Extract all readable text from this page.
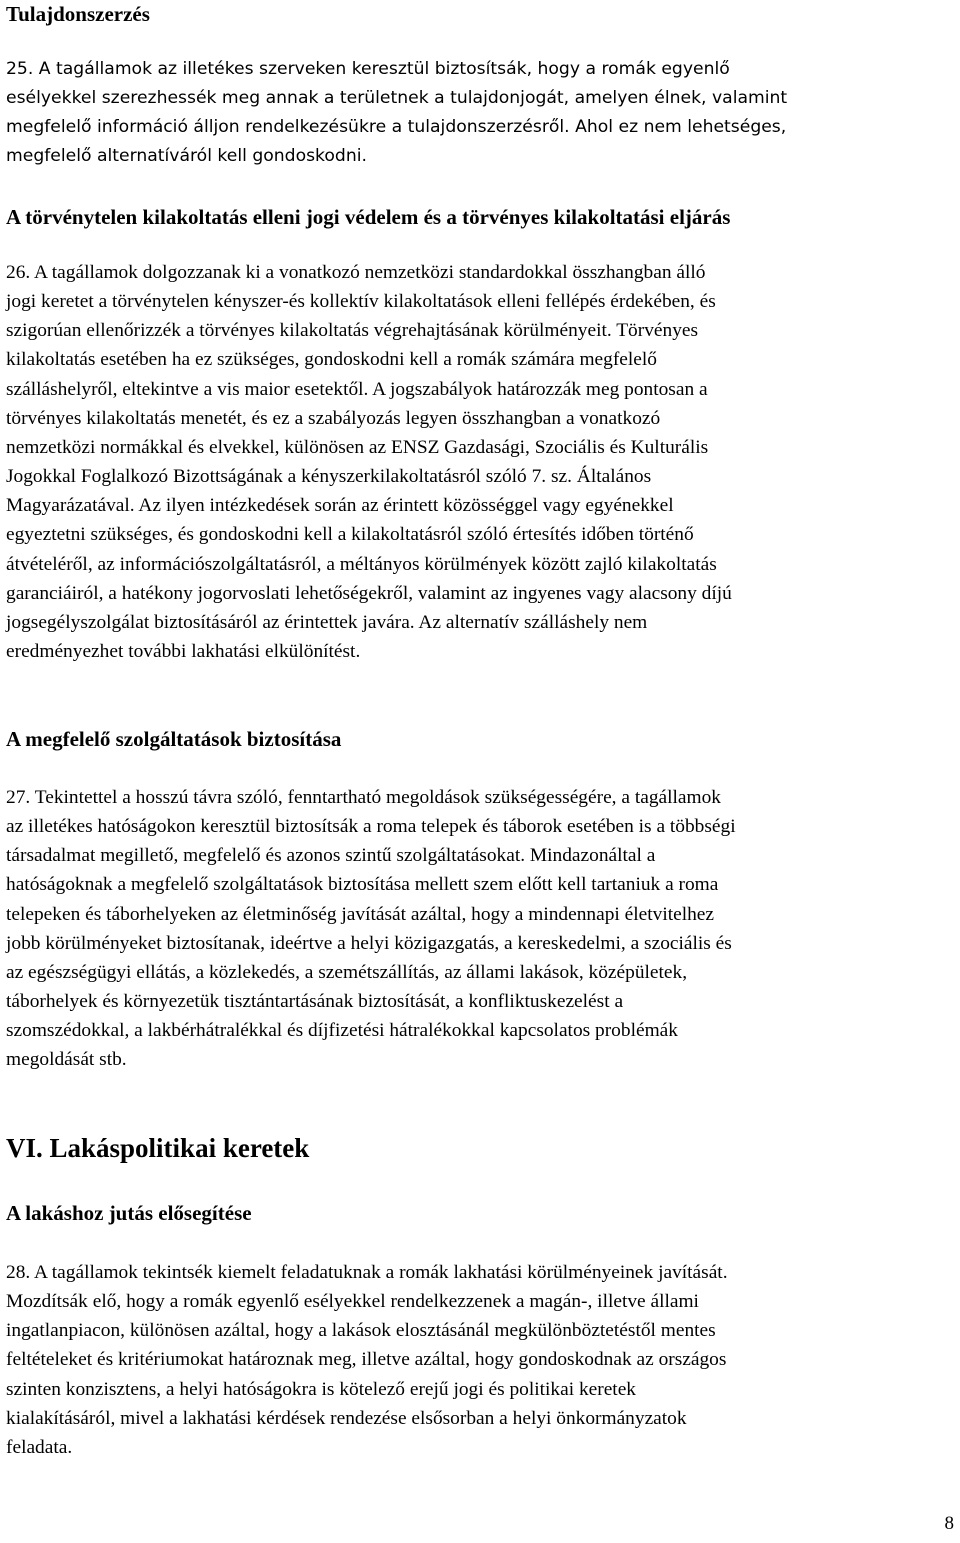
Tulajdonszerzés
25. A tagállamok az illetékes szerveken keresztül biztosítsák, hogy a romák egyenlő
esélyekkel szerezhessék meg annak a területnek a tulajdonjogát, amelyen élnek, valamint
megfelelő információ álljon rendelkezésükre a tulajdonszerzésről. Ahol ez nem lehetséges,
megfelelő alternatíváról kell gondoskodni.
A törvénytelen kilakoltatás elleni jogi védelem és a törvényes kilakoltatási eljárás
26. A tagállamok dolgozzanak ki a vonatkozó nemzetközi standardokkal összhangban álló
jogi keretet a törvénytelen kényszer-és kollektív kilakoltatások elleni fellépés érdekében, és
szigorúan ellenőrizzék a törvényes kilakoltatás végrehajtásának körülményeit. Törvényes
kilakoltatás esetében ha ez szükséges, gondoskodni kell a romák számára megfelelő
szálláshelyről, eltekintve a vis maior esetektől. A jogszabályok határozzák meg pontosan a
törvényes kilakoltatás menetét, és ez a szabályozás legyen összhangban a vonatkozó
nemzetközi normákkal és elvekkel, különösen az ENSZ Gazdasági, Szociális és Kulturális
Jogokkal Foglalkozó Bizottságának a kényszerkilakoltatásról szóló 7. sz. Általános
Magyarázatával. Az ilyen intézkedések során az érintett közösséggel vagy egyénekkel
egyeztetni szükséges, és gondoskodni kell a kilakoltatásról szóló értesítés időben történő
átvételéről, az információszolgáltatásról, a méltányos körülmények között zajló kilakoltatás
garanciáiról, a hatékony jogorvoslati lehetőségekről, valamint az ingyenes vagy alacsony díjú
jogsegélyszolgálat biztosításáról az érintettek javára. Az alternatív szálláshely nem
eredményezhet további lakhatási elkülönítést.
A megfelelő szolgáltatások biztosítása
27. Tekintettel a hosszú távra szóló, fenntartható megoldások szükségességére, a tagállamok
az illetékes hatóságokon keresztül biztosítsák a roma telepek és táborok esetében is a többségi
társadalmat megillető, megfelelő és azonos szintű szolgáltatásokat. Mindazonáltal a
hatóságoknak a megfelelő szolgáltatások biztosítása mellett szem előtt kell tartaniuk a roma
telepeken és táborhelyeken az életminőség javítását azáltal, hogy a mindennapi életvitelhez
jobb körülményeket biztosítanak, ideértve a helyi közigazgatás, a kereskedelmi, a szociális és
az egészségügyi ellátás, a közlekedés, a szemétszállítás, az állami lakások, középületek,
táborhelyek és környezetük tisztántartásának biztosítását, a konfliktuskezelést a
szomszédokkal, a lakbérhátralékkal és díjfizetési hátralékokkal kapcsolatos problémák
megoldását stb.
VI. Lakáspolitikai keretek
A lakáshoz jutás elősegítése
28. A tagállamok tekintsék kiemelt feladatuknak a romák lakhatási körülményeinek javítását.
Mozdítsák elő, hogy a romák egyenlő esélyekkel rendelkezzenek a magán-, illetve állami
ingatlanpiacon, különösen azáltal, hogy a lakások elosztásánál megkülönböztetéstől mentes
feltételeket és kritériumokat határoznak meg, illetve azáltal, hogy gondoskodnak az országos
szinten konzisztens, a helyi hatóságokra is kötelező erejű jogi és politikai keretek
kialakításáról, mivel a lakhatási kérdések rendezése elsősorban a helyi önkormányzatok
feladata.
8
